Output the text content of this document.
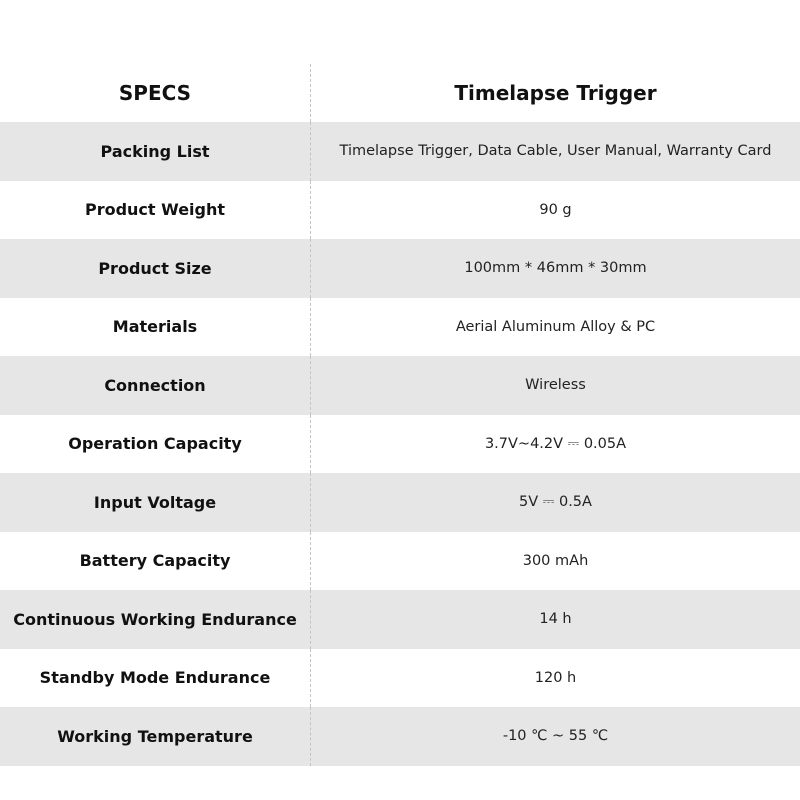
SPECS	Timelapse Trigger
Packing List	Timelapse Trigger, Data Cable, User Manual, Warranty Card
Product Weight	90 g
Product Size	100mm * 46mm * 30mm
Materials	Aerial Aluminum Alloy & PC
Connection	Wireless
Operation Capacity	3.7V~4.2V ⎓ 0.05A
Input Voltage	5V ⎓ 0.5A
Battery Capacity	300 mAh
Continuous Working Endurance	14 h
Standby Mode Endurance	120 h
Working Temperature	-10 ℃ ~ 55 ℃
